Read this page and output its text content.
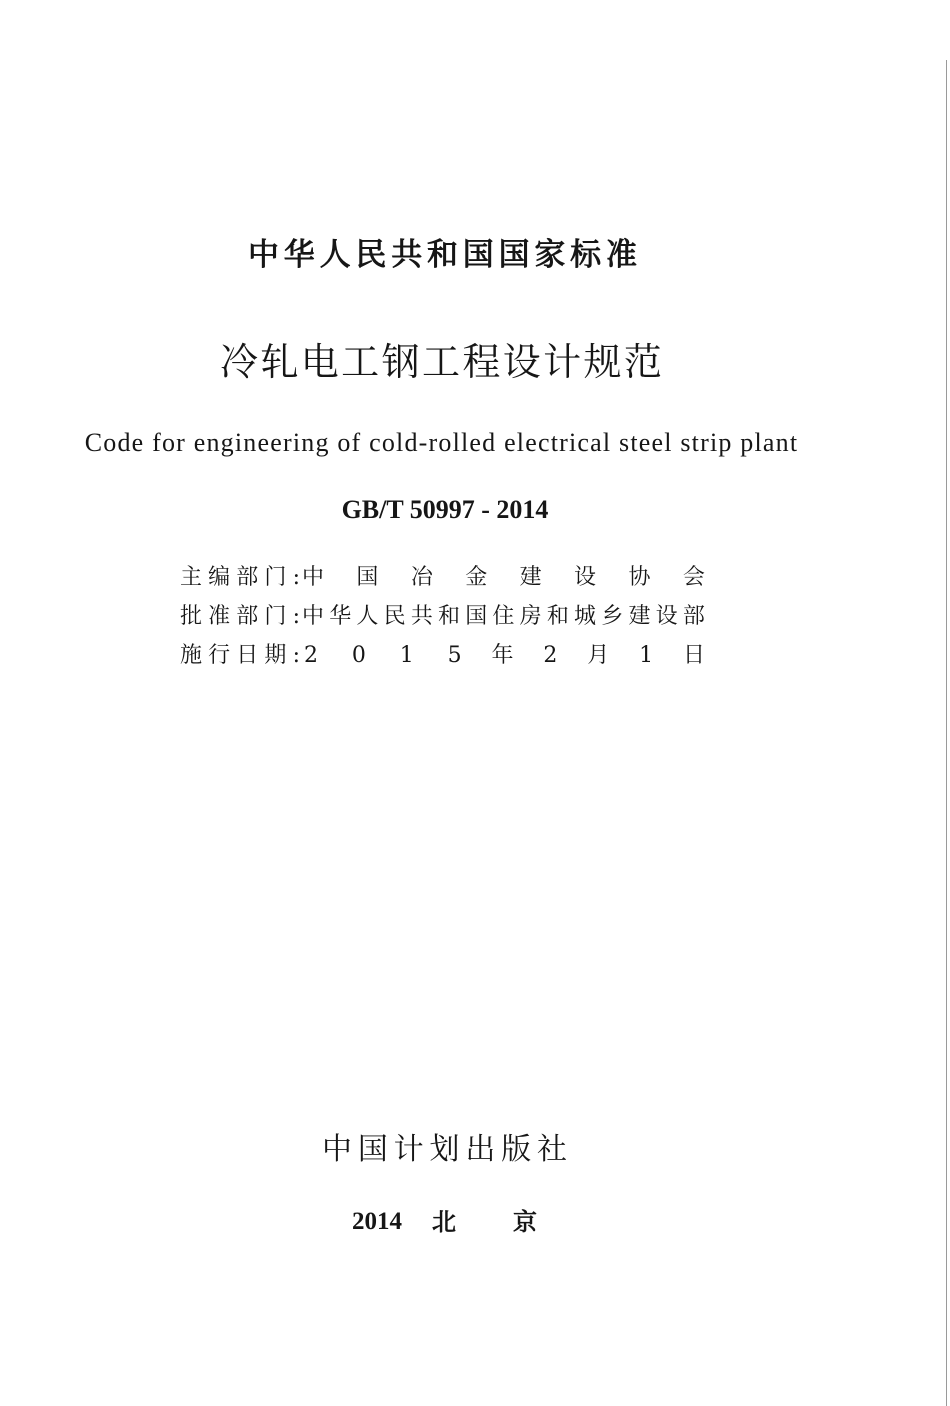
中 华 人 民 共 和 国 国 家 标 准
冷 轧 电 工 钢 工 程 设 计 规 范
Code for engineering of cold-rolled electrical steel strip plant
GB/T 50997 - 2014
主 编 部 门 : 中
国
冶
金
建
设
协
会
批 准 部 门 : 中 华 人 民 共 和 国 住 房 和 城 乡 建 设 部
施 行 日 期 : 2
0
1
5
年
2
月
1
日
中 国 计 划 出 版 社
2014 北
京
